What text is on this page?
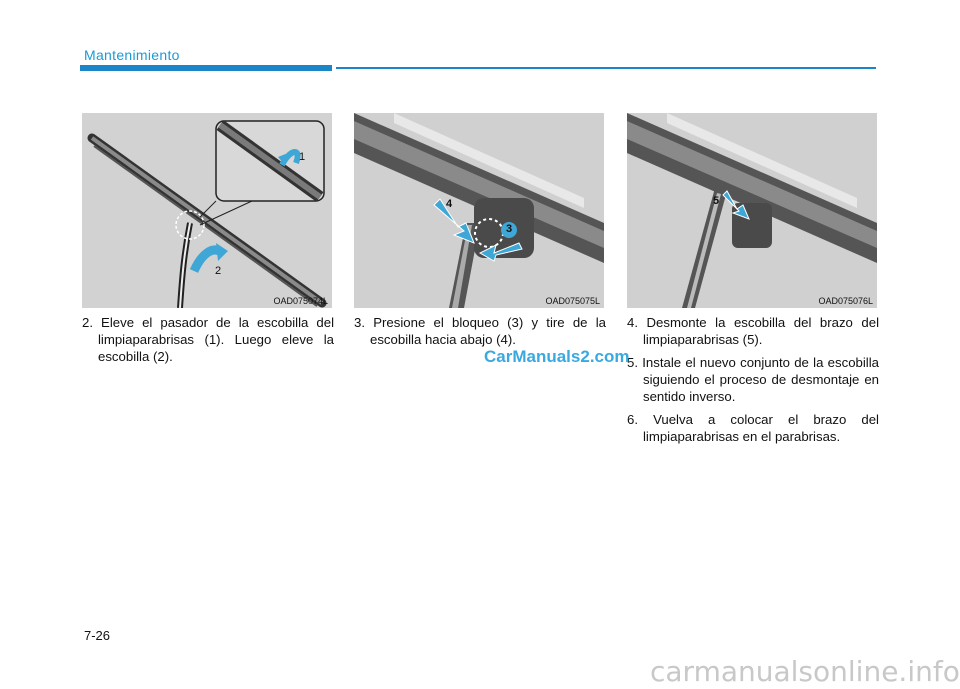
Mantenimiento
1
2
OAD075074L
4
3
OAD075075L
5
OAD075076L

2. Eleve el pasador de la escobilla del limpiaparabrisas (1). Luego eleve la escobilla (2).

3. Presione el bloqueo (3) y tire de la escobilla hacia abajo (4).

4. Desmonte la escobilla del brazo del limpiaparabrisas (5).

5. Instale el nuevo conjunto de la escobilla siguiendo el proceso de desmontaje en sentido inverso.

6. Vuelva a colocar el brazo del limpiaparabrisas en el parabrisas.

CarManuals2.com
7-26
carmanualsonline.info
